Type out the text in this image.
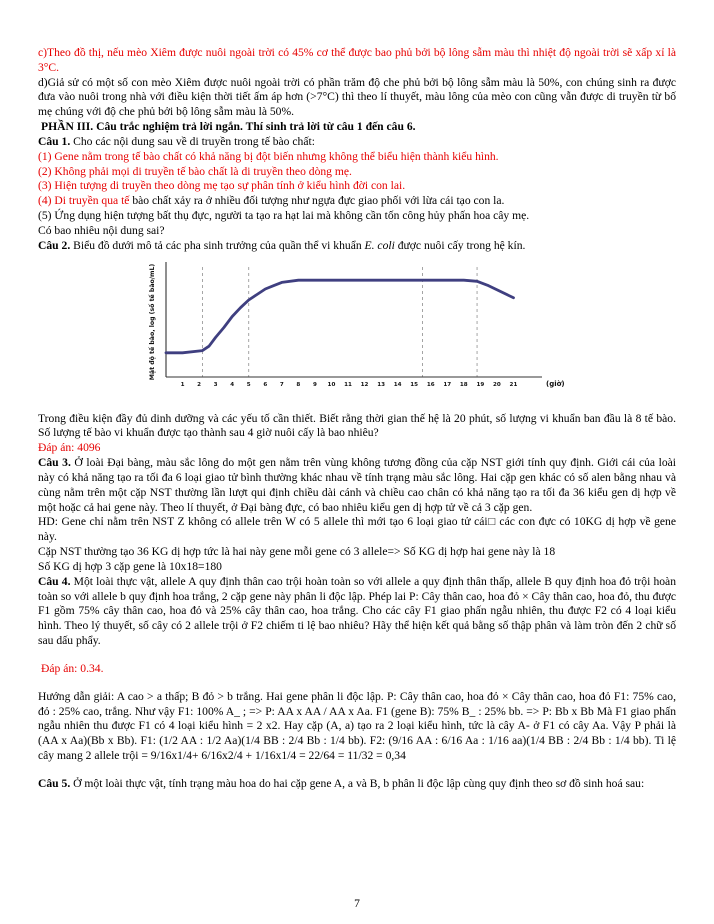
c)Theo đồ thị, nếu mèo Xiêm được nuôi ngoài trời có 45% cơ thể được bao phủ bởi bộ lông sẫm màu thì nhiệt độ ngoài trời sẽ xấp xỉ là 3°C.

d)Giả sử có một số con mèo Xiêm được nuôi ngoài trời có phần trăm độ che phủ bởi bộ lông sẫm màu là 50%, con chúng sinh ra được đưa vào nuôi trong nhà với điều kiện thời tiết ấm áp hơn (>7°C) thì theo lí thuyết, màu lông của mèo con cũng vẫn được di truyền từ bố mẹ chúng với độ che phủ bởi bộ lông sẫm màu là 50%.

PHẦN III. Câu trắc nghiệm trả lời ngắn. Thí sinh trả lời từ câu 1 đến câu 6.

Câu 1. Cho các nội dung sau về di truyền trong tế bào chất:

(1) Gene nằm trong tế bào chất có khả năng bị đột biến nhưng không thể biểu hiện thành kiểu hình.

(2) Không phải mọi di truyền tế bào chất là di truyền theo dòng mẹ.

(3) Hiện tượng di truyền theo dòng mẹ tạo sự phân tính ở kiểu hình đời con lai.

(4) Di truyền qua tế bào chất xảy ra ở nhiều đối tượng như ngựa đực giao phối với lừa cái tạo con la.

(5) Ứng dụng hiện tượng bất thụ đực, người ta tạo ra hạt lai mà không cần tốn công hủy phấn hoa cây mẹ.

Có bao nhiêu nội dung sai?

Câu 2. Biểu đồ dưới mô tả các pha sinh trưởng của quần thể vi khuẩn E. coli được nuôi cấy trong hệ kín.

1 2 3 4 5 6 7 8 9 10 11 12 13 14 15 16 17 18 19 20 21	(giờ)
Mật độ tế bào, log (số tế bào/mL)

Trong điều kiện đầy đủ dinh dưỡng và các yếu tố cần thiết. Biết rằng thời gian thế hệ là 20 phút, số lượng vi khuẩn ban đầu là 8 tế bào. Số lượng tế bào vi khuẩn được tạo thành sau 4 giờ nuôi cấy là bao nhiêu?

Đáp án: 4096

Câu 3. Ở loài Đại bàng, màu sắc lông do một gen nằm trên vùng không tương đồng của cặp NST giới tính quy định. Giới cái của loài này có khả năng tạo ra tối đa 6 loại giao tử bình thường khác nhau về tính trạng màu sắc lông. Hai cặp gen khác có số alen bằng nhau và cùng nằm trên một cặp NST thường lần lượt qui định chiều dài cánh và chiều cao chân có khả năng tạo ra tối đa 36 kiểu gen dị hợp về một hoặc cả hai gene này. Theo lí thuyết, ở Đại bàng đực, có bao nhiêu kiểu gen dị hợp tử về cả 3 cặp gen.

HD: Gene chỉ nằm trên NST Z không có allele trên W có 5 allele thì mới tạo 6 loại giao tử cái□ các con đực có 10KG dị hợp về gene này.

Cặp NST thường tạo 36 KG dị hợp tức là hai này gene mỗi gene có 3 allele=> Số KG dị hợp hai gene này là 18

Số KG dị hợp 3 cặp gene là 10x18=180

Câu 4. Một loài thực vật, allele A quy định thân cao trội hoàn toàn so với allele a quy định thân thấp, allele B quy định hoa đỏ trội hoàn toàn so với allele b quy định hoa trắng, 2 cặp gene này phân li độc lập. Phép lai P: Cây thân cao, hoa đỏ × Cây thân cao, hoa đỏ, thu được F1 gồm 75% cây thân cao, hoa đỏ và 25% cây thân cao, hoa trắng. Cho các cây F1 giao phấn ngẫu nhiên, thu được F2 có 4 loại kiểu hình. Theo lý thuyết, số cây có 2 allele trội ở F2 chiếm ti lệ bao nhiêu? Hãy thể hiện kết quả bằng số thập phân và làm tròn đến 2 chữ số sau dấu phẩy.

Đáp án: 0.34.

Hướng dẫn giải: A cao > a thấp; B đỏ > b trắng. Hai gene phân li độc lập. P: Cây thân cao, hoa đỏ × Cây thân cao, hoa đỏ F1: 75% cao, đỏ : 25% cao, trắng. Như vậy F1: 100% A_ ; => P: AA x AA / AA x Aa. F1 (gene B): 75% B_ : 25% bb. => P: Bb x Bb Mà F1 giao phấn ngẫu nhiên thu được F1 có 4 loại kiểu hình = 2 x2. Hay cặp (A, a) tạo ra 2 loại kiểu hình, tức là cây A- ở F1 có cây Aa. Vậy P phải là (AA x Aa)(Bb x Bb). F1: (1/2 AA : 1/2 Aa)(1/4 BB : 2/4 Bb : 1/4 bb). F2: (9/16 AA : 6/16 Aa : 1/16 aa)(1/4 BB : 2/4 Bb : 1/4 bb). Ti lệ cây mang 2 allele trội = 9/16x1/4+ 6/16x2/4 + 1/16x1/4 = 22/64 = 11/32 = 0,34

Câu 5. Ở một loài thực vật, tính trạng màu hoa do hai cặp gene A, a và B, b phân li độc lập cùng quy định theo sơ đồ sinh hoá sau:

7
